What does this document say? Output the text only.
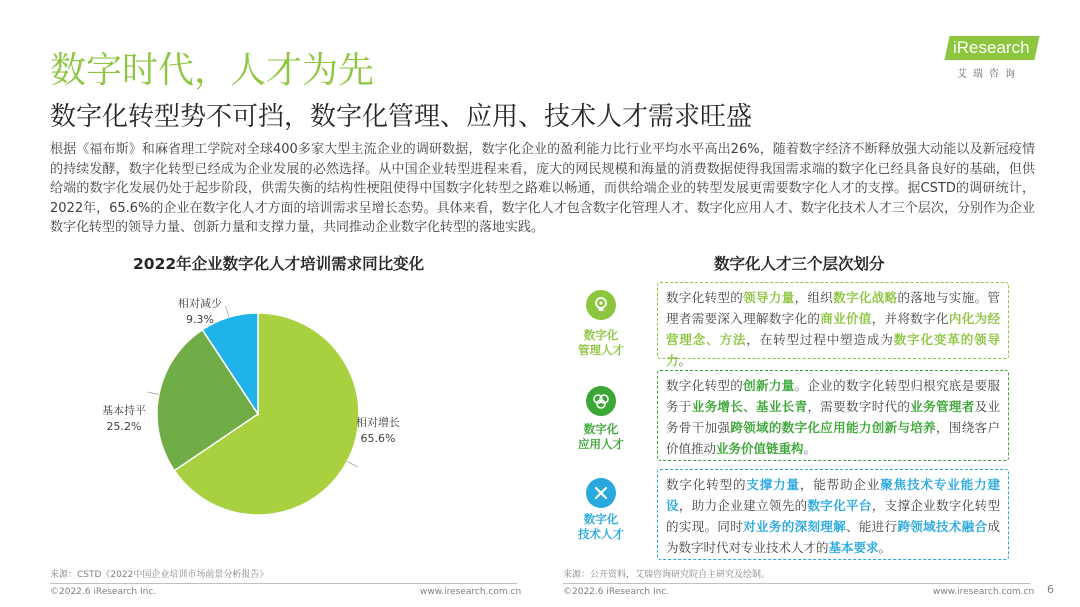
数字时代，人才为先
数字化转型势不可挡，数字化管理、应用、技术人才需求旺盛
iResearch
艾瑞咨询

根据《福布斯》和麻省理工学院对全球400多家大型主流企业的调研数据，数字化企业的盈利能力比行业平均水平高出26%，随着数字经济不断释放强大动能以及新冠疫情的持续发酵，数字化转型已经成为企业发展的必然选择。从中国企业转型进程来看，庞大的网民规模和海量的消费数据使得我国需求端的数字化已经具备良好的基础，但供给端的数字化发展仍处于起步阶段，供需失衡的结构性梗阻使得中国数字化转型之路难以畅通，而供给端企业的转型发展更需要数字化人才的支撑。据CSTD的调研统计，2022年，65.6%的企业在数字化人才方面的培训需求呈增长态势。具体来看，数字化人才包含数字化管理人才、数字化应用人才、数字化技术人才三个层次，分别作为企业数字化转型的领导力量、创新力量和支撑力量，共同推动企业数字化转型的落地实践。

2022年企业数字化人才培训需求同比变化
相对增长
65.6%
基本持平
25.2%
相对减少
9.3%
数字化人才三个层次划分
数字化
管理人才
数字化转型的领导力量，组织数字化战略的落地与实施。管理者需要深入理解数字化的商业价值，并将数字化内化为经营理念、方法，在转型过程中塑造成为数字化变革的领导力。
数字化
应用人才
数字化转型的创新力量。企业的数字化转型归根究底是要服务于业务增长、基业长青，需要数字时代的业务管理者及业务骨干加强跨领域的数字化应用能力创新与培养，围绕客户价值推动业务价值链重构。
数字化
技术人才
数字化转型的支撑力量，能帮助企业聚焦技术专业能力建设，助力企业建立领先的数字化平台，支撑企业数字化转型的实现。同时对业务的深刻理解、能进行跨领域技术融合成为数字时代对专业技术人才的基本要求。
来源：CSTD《2022中国企业培训市场前景分析报告》	来源：公开资料，艾瑞咨询研究院自主研究及绘制。
©2022.6 iResearch Inc.	www.iresearch.com.cn	©2022.6 iResearch Inc.	www.iresearch.com.cn 6
